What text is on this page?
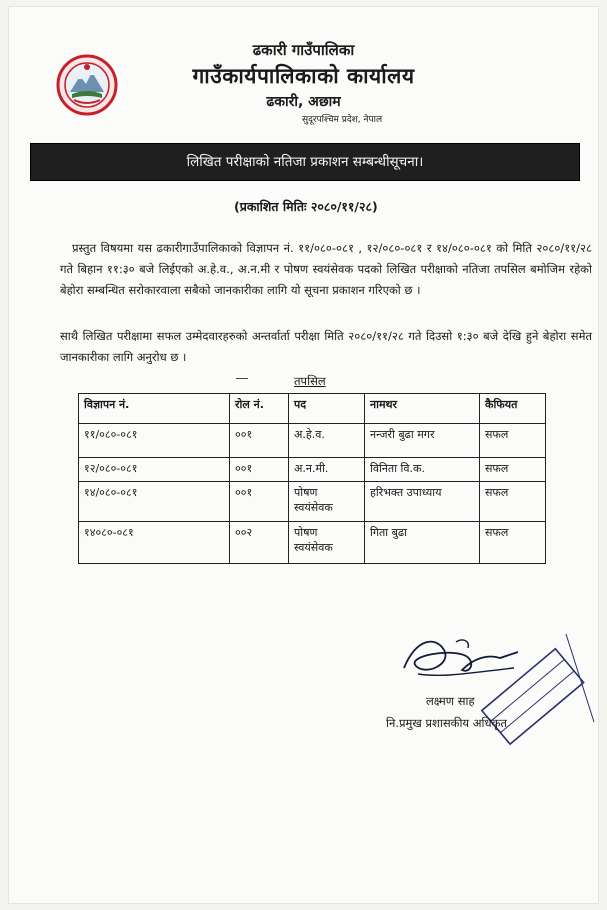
ढकारी गाउँपालिका
गाउँकार्यपालिकाको कार्यालय
ढकारी, अछाम
सुदूरपश्चिम प्रदेश, नेपाल
लिखित परीक्षाको नतिजा प्रकाशन सम्बन्धीसूचना।
(प्रकाशित मितिः २०८०/११/२८)
प्रस्तुत विषयमा यस ढकारीगाउँपालिकाको विज्ञापन नं. ११/०८०-०८१ , १२/०८०-०८१ र १४/०८०-०८१ को मिति २०८०/११/२८ गते बिहान ११:३० बजे लिईएको अ.हे.व., अ.न.मी र पोषण स्वयंसेवक पदको लिखित परीक्षाको नतिजा तपसिल बमोजिम रहेको बेहोरा सम्बन्धित सरोकारवाला सबैको जानकारीका लागि यो सूचना प्रकाशन गरिएको छ ।
साथै लिखित परीक्षामा सफल उम्मेदवारहरुको अन्तर्वार्ता परीक्षा मिति २०८०/११/२८ गते दिउसो १:३० बजे देखि हुने बेहोरा समेत जानकारीका लागि अनुरोध छ ।
तपसिल
विज्ञापन नं.	रोल नं.	पद	नामथर	कैफियत
११/०८०-०८१	००१	अ.हे.व.	नन्जरी बुढा मगर	सफल
१२/०८०-०८१	००१	अ.न.मी.	विनिता वि.क.	सफल
१४/०८०-०८१	००१	पोषण स्वयंसेवक	हरिभक्त उपाध्याय	सफल
१४०८०-०८१	००२	पोषण स्वयंसेवक	गिता बुढा	सफल
लक्ष्मण साह
नि.प्रमुख प्रशासकीय अधिकृत
